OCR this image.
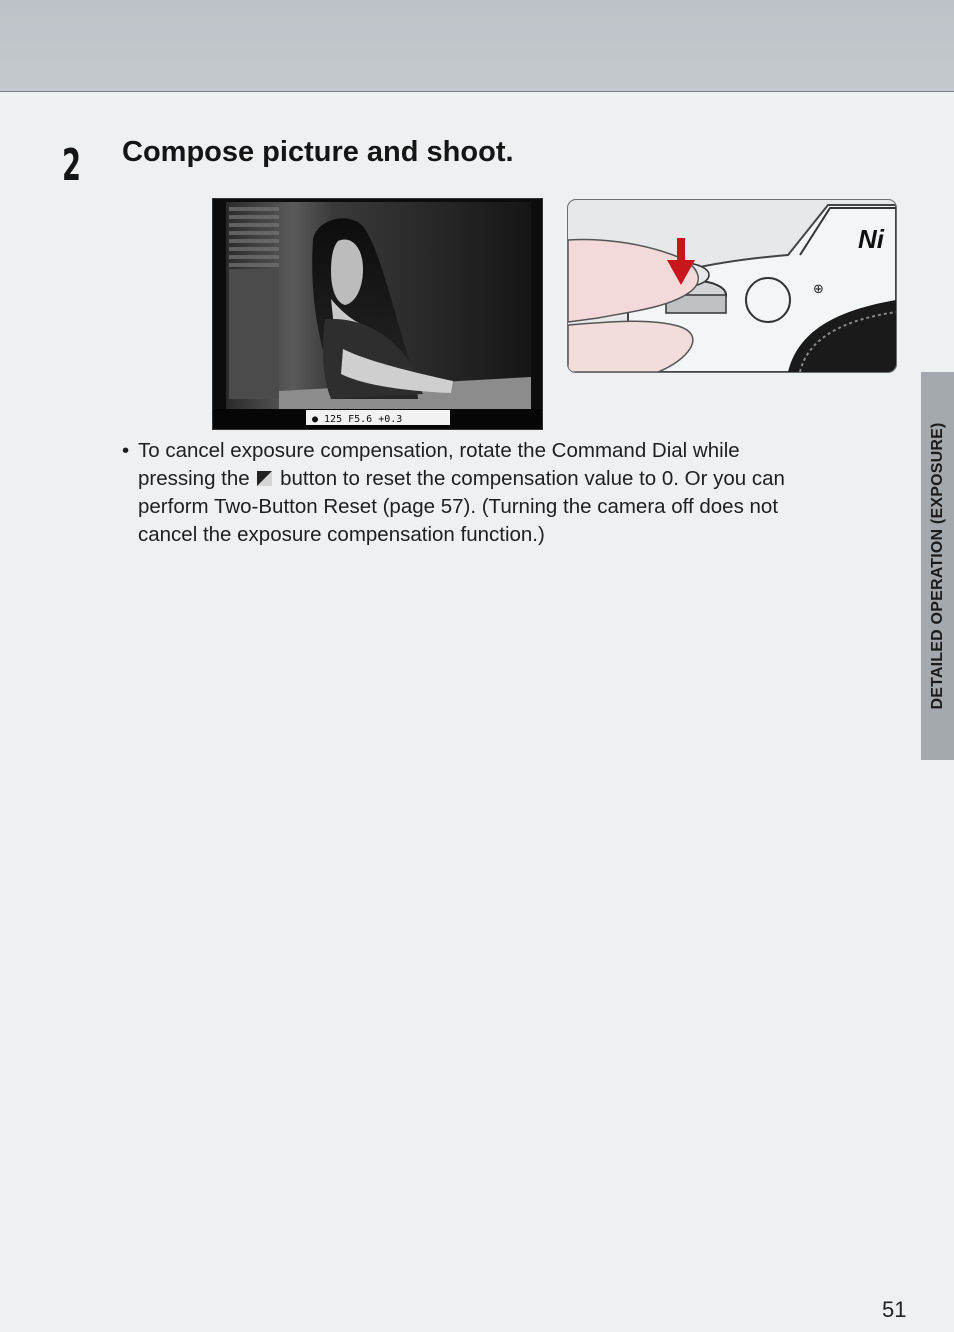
2 Compose picture and shoot.
● 125 F5.6 +0.3
Ni
⊕
• To cancel exposure compensation, rotate the Command Dial while
pressing the button to reset the compensation value to 0. Or you can
perform Two-Button Reset (page 57). (Turning the camera off does not
cancel the exposure compensation function.)	DETAILED OPERATION (EXPOSURE)
51
